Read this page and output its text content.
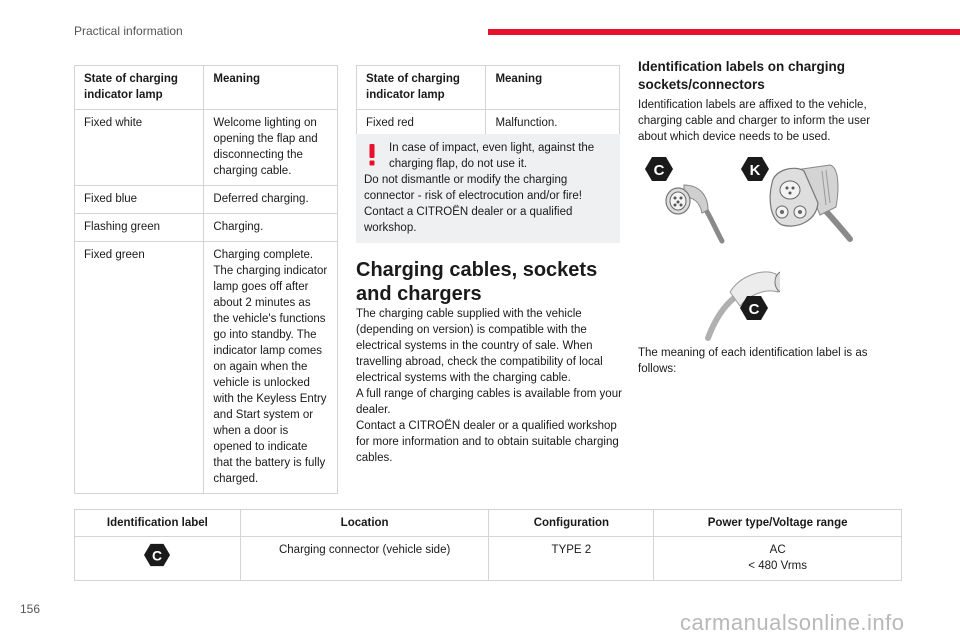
Practical information
State of charging indicator lamp	Meaning
Fixed white	Welcome lighting on opening the flap and disconnecting the charging cable.
Fixed blue	Deferred charging.
Flashing green	Charging.
Fixed green	Charging complete. The charging indicator lamp goes off after about 2 minutes as the vehicle's functions go into standby. The indicator lamp comes on again when the vehicle is unlocked with the Keyless Entry and Start system or when a door is opened to indicate that the battery is fully charged.
State of charging indicator lamp	Meaning
Fixed red	Malfunction.
In case of impact, even light, against the charging flap, do not use it.
Do not dismantle or modify the charging connector - risk of electrocution and/or fire!
Contact a CITROËN dealer or a qualified workshop.
Charging cables, sockets and chargers
The charging cable supplied with the vehicle (depending on version) is compatible with the electrical systems in the country of sale. When travelling abroad, check the compatibility of local electrical systems with the charging cable.
A full range of charging cables is available from your dealer.
Contact a CITROËN dealer or a qualified workshop for more information and to obtain suitable charging cables.
Identification labels on charging sockets/connectors
Identification labels are affixed to the vehicle, charging cable and charger to inform the user about which device needs to be used.
C	K
C
The meaning of each identification label is as follows:
Identification label	Location	Configuration	Power type/Voltage range

C	Charging connector (vehicle side)	TYPE 2	AC
< 480 Vrms
156
carmanualsonline.info
